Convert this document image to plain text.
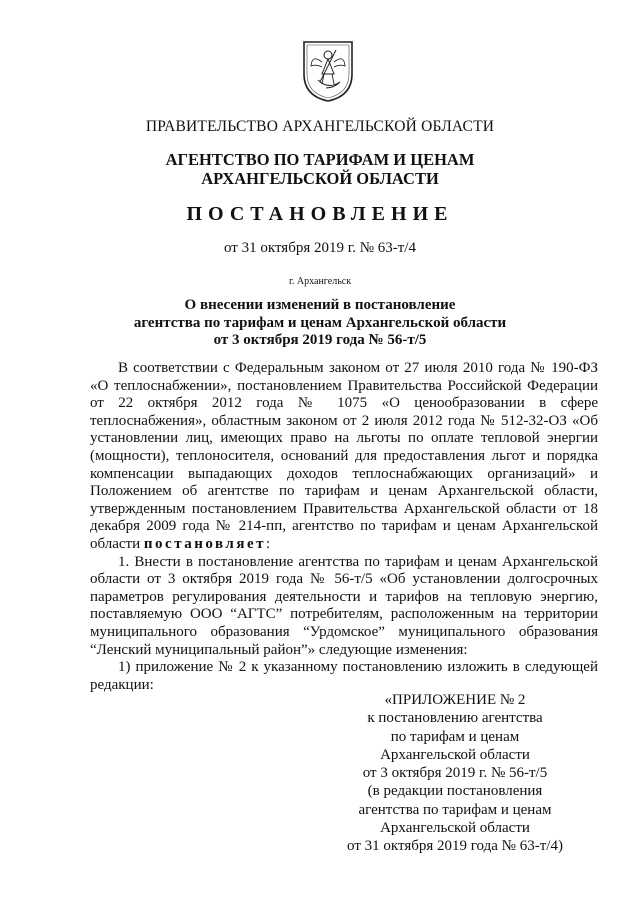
ПРАВИТЕЛЬСТВО АРХАНГЕЛЬСКОЙ ОБЛАСТИ
АГЕНТСТВО ПО ТАРИФАМ И ЦЕНАМ
АРХАНГЕЛЬСКОЙ ОБЛАСТИ
ПОСТАНОВЛЕНИЕ
от 31 октября 2019 г. № 63-т/4
г. Архангельск
О внесении изменений в постановление
агентства по тарифам и ценам Архангельской области
от 3 октября 2019 года № 56-т/5

В соответствии с Федеральным законом от 27 июля 2010 года № 190-ФЗ «О теплоснабжении», постановлением Правительства Российской Федерации от 22 октября 2012 года № 1075 «О ценообразовании в сфере теплоснабжения», областным законом от 2 июля 2012 года № 512-32-ОЗ «Об установлении лиц, имеющих право на льготы по оплате тепловой энергии (мощности), теплоносителя, оснований для предоставления льгот и порядка компенсации выпадающих доходов теплоснабжающих организаций» и Положением об агентстве по тарифам и ценам Архангельской области, утвержденным постановлением Правительства Архангельской области от 18 декабря 2009 года № 214-пп, агентство по тарифам и ценам Архангельской области постановляет:

1. Внести в постановление агентства по тарифам и ценам Архангельской области от 3 октября 2019 года № 56-т/5 «Об установлении долгосрочных параметров регулирования деятельности и тарифов на тепловую энергию, поставляемую ООО “АГТС” потребителям, расположенным на территории муниципального образования “Урдомское” муниципального образования “Ленский муниципальный район”» следующие изменения:

1) приложение № 2 к указанному постановлению изложить в следующей редакции:

«ПРИЛОЖЕНИЕ № 2
к постановлению агентства
по тарифам и ценам
Архангельской области
от 3 октября 2019 г. № 56-т/5
(в редакции постановления
агентства по тарифам и ценам
Архангельской области
от 31 октября 2019 года № 63-т/4)
